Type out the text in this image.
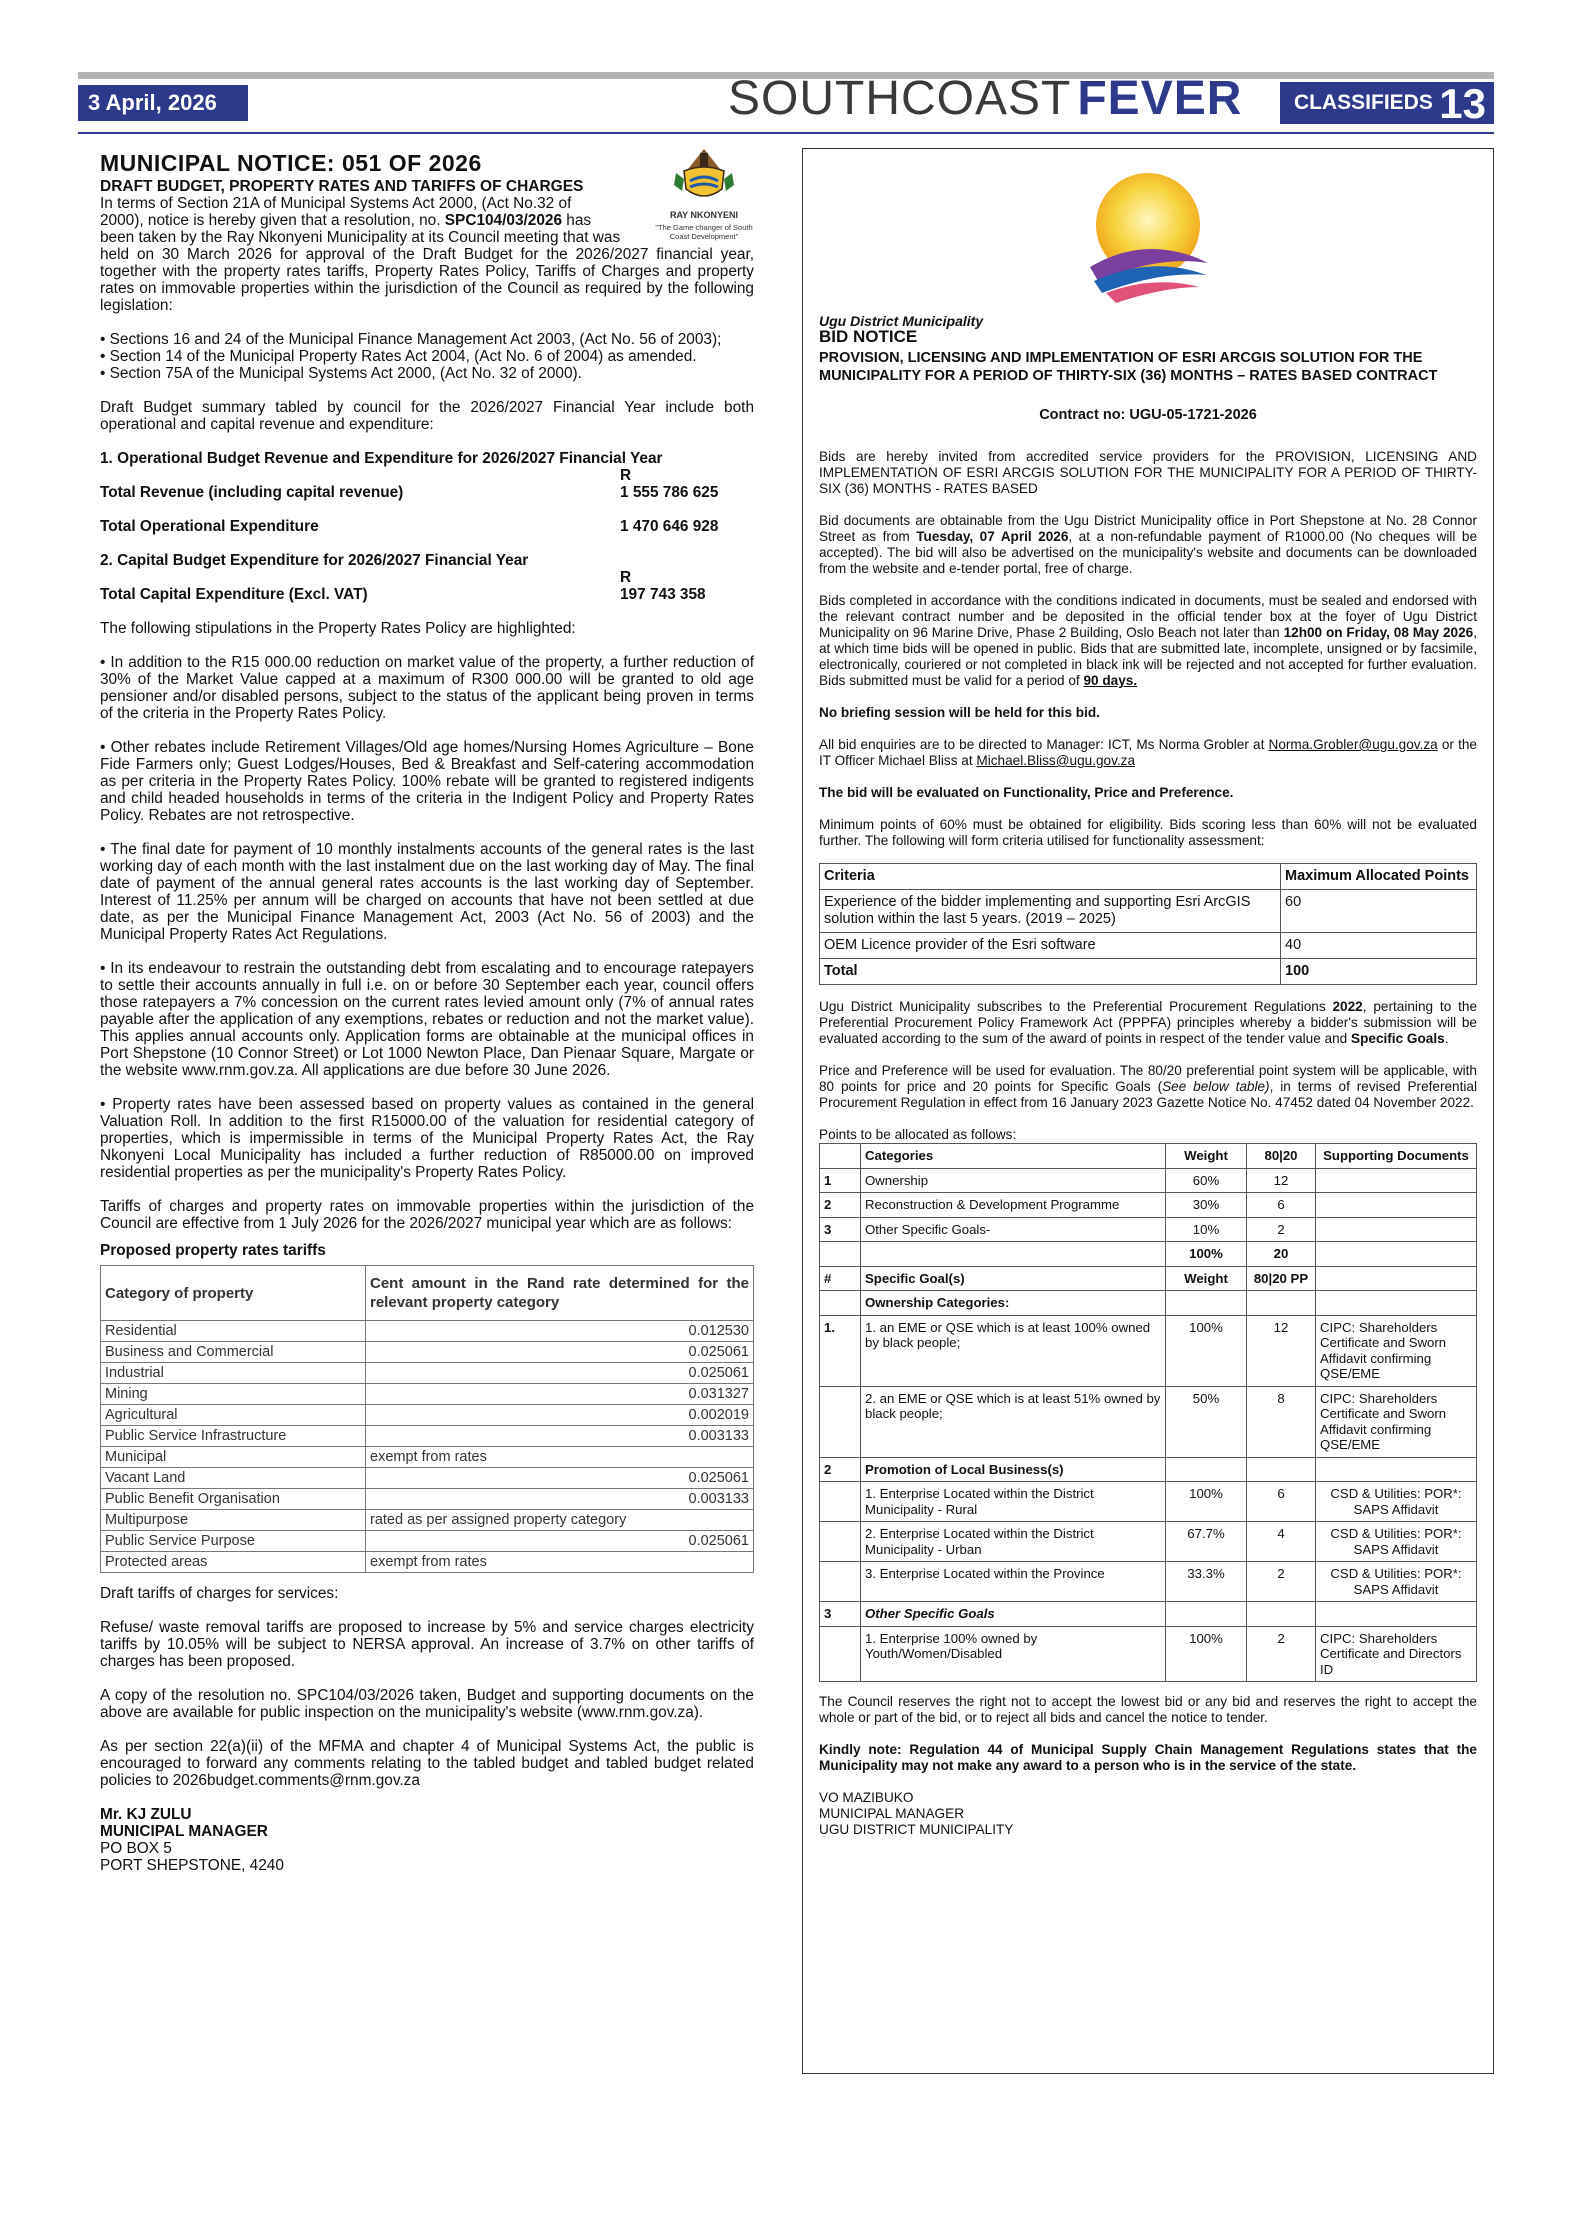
3 April, 2026	SOUTHCOAST FEVER CLASSIFIEDS 13

MUNICIPAL NOTICE: 051 OF 2026

DRAFT BUDGET, PROPERTY RATES AND TARIFFS OF CHARGES

RAY NKONYENI
"The Game changer of South Coast Development"

In terms of Section 21A of Municipal Systems Act 2000, (Act No.32 of

2000), notice is hereby given that a resolution, no. SPC104/03/2026 has

been taken by the Ray Nkonyeni Municipality at its Council meeting that was

held on 30 March 2026 for approval of the Draft Budget for the 2026/2027 financial year, together with the property rates tariffs, Property Rates Policy, Tariffs of Charges and property rates on immovable properties within the jurisdiction of the Council as required by the following legislation:

• Sections 16 and 24 of the Municipal Finance Management Act 2003, (Act No. 56 of 2003);

• Section 14 of the Municipal Property Rates Act 2004, (Act No. 6 of 2004) as amended.

• Section 75A of the Municipal Systems Act 2000, (Act No. 32 of 2000).

Draft Budget summary tabled by council for the 2026/2027 Financial Year include both operational and capital revenue and expenditure:

1. Operational Budget Revenue and Expenditure for 2026/2027 Financial Year

R
Total Revenue (including capital revenue)	1 555 786 625
Total Operational Expenditure	1 470 646 928

2. Capital Budget Expenditure for 2026/2027 Financial Year

R
Total Capital Expenditure (Excl. VAT)	197 743 358

The following stipulations in the Property Rates Policy are highlighted:

• In addition to the R15 000.00 reduction on market value of the property, a further reduction of 30% of the Market Value capped at a maximum of R300 000.00 will be granted to old age pensioner and/or disabled persons, subject to the status of the applicant being proven in terms of the criteria in the Property Rates Policy.

• Other rebates include Retirement Villages/Old age homes/Nursing Homes Agriculture – Bone Fide Farmers only; Guest Lodges/Houses, Bed & Breakfast and Self-catering accommodation as per criteria in the Property Rates Policy. 100% rebate will be granted to registered indigents and child headed households in terms of the criteria in the Indigent Policy and Property Rates Policy. Rebates are not retrospective.

• The final date for payment of 10 monthly instalments accounts of the general rates is the last working day of each month with the last instalment due on the last working day of May. The final date of payment of the annual general rates accounts is the last working day of September. Interest of 11.25% per annum will be charged on accounts that have not been settled at due date, as per the Municipal Finance Management Act, 2003 (Act No. 56 of 2003) and the Municipal Property Rates Act Regulations.

• In its endeavour to restrain the outstanding debt from escalating and to encourage ratepayers to settle their accounts annually in full i.e. on or before 30 September each year, council offers those ratepayers a 7% concession on the current rates levied amount only (7% of annual rates payable after the application of any exemptions, rebates or reduction and not the market value). This applies annual accounts only. Application forms are obtainable at the municipal offices in Port Shepstone (10 Connor Street) or Lot 1000 Newton Place, Dan Pienaar Square, Margate or the website www.rnm.gov.za. All applications are due before 30 June 2026.

• Property rates have been assessed based on property values as contained in the general Valuation Roll. In addition to the first R15000.00 of the valuation for residential category of properties, which is impermissible in terms of the Municipal Property Rates Act, the Ray Nkonyeni Local Municipality has included a further reduction of R85000.00 on improved residential properties as per the municipality's Property Rates Policy.

Tariffs of charges and property rates on immovable properties within the jurisdiction of the Council are effective from 1 July 2026 for the 2026/2027 municipal year which are as follows:

Proposed property rates tariffs

Category of property	Cent amount in the Rand rate determined for the relevant property category
Residential	0.012530
Business and Commercial	0.025061
Industrial	0.025061
Mining	0.031327
Agricultural	0.002019
Public Service Infrastructure	0.003133
Municipal	exempt from rates
Vacant Land	0.025061
Public Benefit Organisation	0.003133
Multipurpose	rated as per assigned property category
Public Service Purpose	0.025061
Protected areas	exempt from rates

Draft tariffs of charges for services:

Refuse/ waste removal tariffs are proposed to increase by 5% and service charges electricity tariffs by 10.05% will be subject to NERSA approval. An increase of 3.7% on other tariffs of charges has been proposed.

A copy of the resolution no. SPC104/03/2026 taken, Budget and supporting documents on the above are available for public inspection on the municipality's website (www.rnm.gov.za).

As per section 22(a)(ii) of the MFMA and chapter 4 of Municipal Systems Act, the public is encouraged to forward any comments relating to the tabled budget and tabled budget related policies to 2026budget.comments@rnm.gov.za

Mr. KJ ZULU

MUNICIPAL MANAGER

PO BOX 5

PORT SHEPSTONE, 4240

Ugu District Municipality

BID NOTICE

PROVISION, LICENSING AND IMPLEMENTATION OF ESRI ARCGIS SOLUTION FOR THE MUNICIPALITY FOR A PERIOD OF THIRTY-SIX (36) MONTHS – RATES BASED CONTRACT

Contract no: UGU-05-1721-2026

Bids are hereby invited from accredited service providers for the PROVISION, LICENSING AND IMPLEMENTATION OF ESRI ARCGIS SOLUTION FOR THE MUNICIPALITY FOR A PERIOD OF THIRTY-SIX (36) MONTHS - RATES BASED

Bid documents are obtainable from the Ugu District Municipality office in Port Shepstone at No. 28 Connor Street as from Tuesday, 07 April 2026, at a non-refundable payment of R1000.00 (No cheques will be accepted). The bid will also be advertised on the municipality's website and documents can be downloaded from the website and e-tender portal, free of charge.

Bids completed in accordance with the conditions indicated in documents, must be sealed and endorsed with the relevant contract number and be deposited in the official tender box at the foyer of Ugu District Municipality on 96 Marine Drive, Phase 2 Building, Oslo Beach not later than 12h00 on Friday, 08 May 2026, at which time bids will be opened in public. Bids that are submitted late, incomplete, unsigned or by facsimile, electronically, couriered or not completed in black ink will be rejected and not accepted for further evaluation. Bids submitted must be valid for a period of 90 days.

No briefing session will be held for this bid.

All bid enquiries are to be directed to Manager: ICT, Ms Norma Grobler at Norma.Grobler@ugu.gov.za or the IT Officer Michael Bliss at Michael.Bliss@ugu.gov.za

The bid will be evaluated on Functionality, Price and Preference.

Minimum points of 60% must be obtained for eligibility. Bids scoring less than 60% will not be evaluated further. The following will form criteria utilised for functionality assessment:

Criteria	Maximum Allocated Points
Experience of the bidder implementing and supporting Esri ArcGIS solution within the last 5 years. (2019 – 2025)	60
OEM Licence provider of the Esri software	40
Total	100

Ugu District Municipality subscribes to the Preferential Procurement Regulations 2022, pertaining to the Preferential Procurement Policy Framework Act (PPPFA) principles whereby a bidder's submission will be evaluated according to the sum of the award of points in respect of the tender value and Specific Goals.

Price and Preference will be used for evaluation. The 80/20 preferential point system will be applicable, with 80 points for price and 20 points for Specific Goals (See below table), in terms of revised Preferential Procurement Regulation in effect from 16 January 2023 Gazette Notice No. 47452 dated 04 November 2022.

Points to be allocated as follows:

	Categories	Weight	80|20	Supporting Documents
1	Ownership	60%	12	
2	Reconstruction & Development Programme	30%	6	
3	Other Specific Goals-	10%	2	
		100%	20	
#	Specific Goal(s)	Weight	80|20 PP	
	Ownership Categories:			
1.	1. an EME or QSE which is at least 100% owned by black people;	100%	12	CIPC: Shareholders Certificate and Sworn Affidavit confirming QSE/EME
	2. an EME or QSE which is at least 51% owned by black people;	50%	8	CIPC: Shareholders Certificate and Sworn Affidavit confirming QSE/EME
2	Promotion of Local Business(s)			
	1. Enterprise Located within the District Municipality - Rural	100%	6	CSD & Utilities: POR*: SAPS Affidavit
	2. Enterprise Located within the District Municipality - Urban	67.7%	4	CSD & Utilities: POR*: SAPS Affidavit
	3. Enterprise Located within the Province	33.3%	2	CSD & Utilities: POR*: SAPS Affidavit
3	Other Specific Goals			
	1. Enterprise 100% owned by Youth/Women/Disabled	100%	2	CIPC: Shareholders Certificate and Directors ID

The Council reserves the right not to accept the lowest bid or any bid and reserves the right to accept the whole or part of the bid, or to reject all bids and cancel the notice to tender.

Kindly note: Regulation 44 of Municipal Supply Chain Management Regulations states that the Municipality may not make any award to a person who is in the service of the state.

VO MAZIBUKO

MUNICIPAL MANAGER

UGU DISTRICT MUNICIPALITY
